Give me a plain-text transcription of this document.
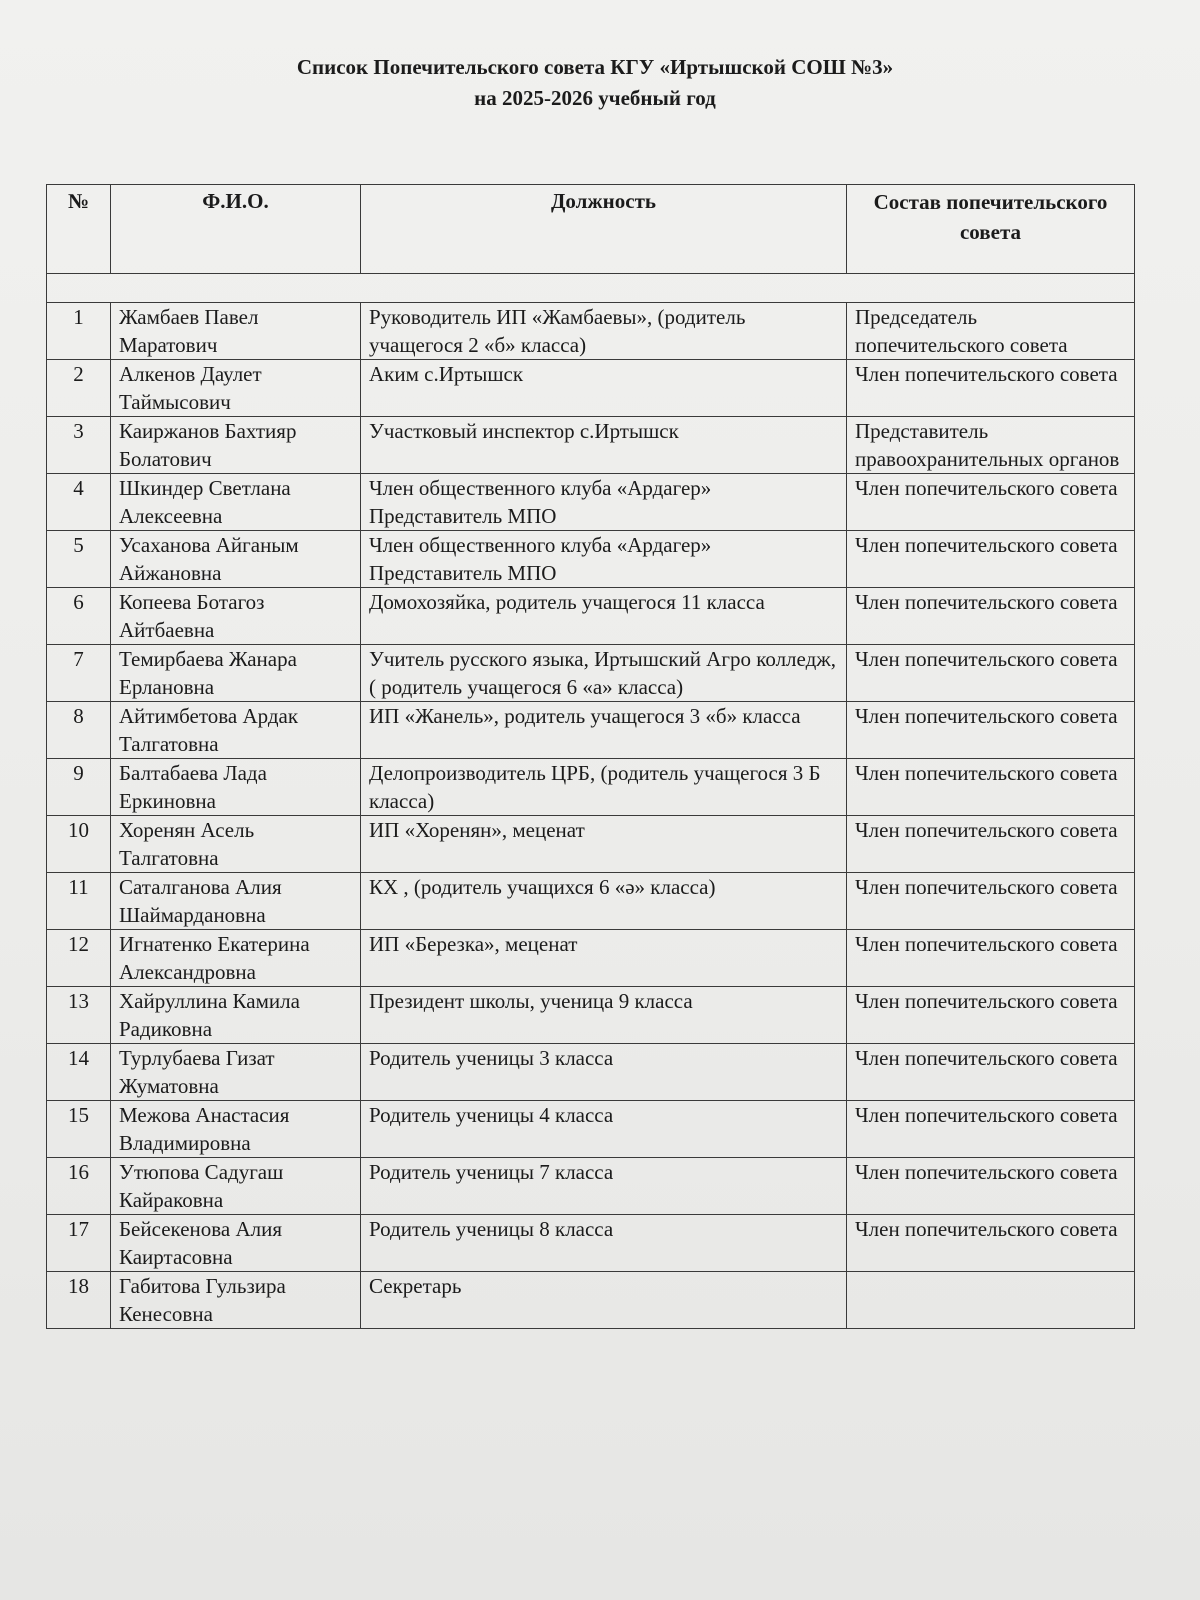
Список Попечительского совета КГУ «Иртышской СОШ №3»
на 2025-2026 учебный год
№	Ф.И.О.	Должность	Состав попечительского совета

1	Жамбаев Павел Маратович	Руководитель ИП «Жамбаевы», (родитель учащегося 2 «б» класса)	Председатель попечительского совета
2	Алкенов Даулет Таймысович	Аким с.Иртышск	Член попечительского совета
3	Каиржанов Бахтияр Болатович	Участковый инспектор с.Иртышск	Представитель правоохранительных органов
4	Шкиндер Светлана Алексеевна	Член общественного клуба «Ардагер» Представитель МПО	Член попечительского совета
5	Усаханова Айганым Айжановна	Член общественного клуба «Ардагер» Представитель МПО	Член попечительского совета
6	Копеева Ботагоз Айтбаевна	Домохозяйка, родитель учащегося 11 класса	Член попечительского совета
7	Темирбаева Жанара Ерлановна	Учитель русского языка, Иртышский Агро колледж, ( родитель учащегося 6 «а» класса)	Член попечительского совета
8	Айтимбетова Ардак Талгатовна	ИП «Жанель», родитель учащегося 3 «б» класса	Член попечительского совета
9	Балтабаева Лада Еркиновна	Делопроизводитель ЦРБ, (родитель учащегося 3 Б класса)	Член попечительского совета
10	Хоренян Асель Талгатовна	ИП «Хоренян», меценат	Член попечительского совета
11	Саталганова Алия Шаймардановна	КХ , (родитель учащихся 6 «ә» класса)	Член попечительского совета
12	Игнатенко Екатерина Александровна	ИП «Березка», меценат	Член попечительского совета
13	Хайруллина Камила Радиковна	Президент школы, ученица 9 класса	Член попечительского совета
14	Турлубаева Гизат Жуматовна	Родитель ученицы 3 класса	Член попечительского совета
15	Межова Анастасия Владимировна	Родитель ученицы 4 класса	Член попечительского совета
16	Утюпова Садугаш Кайраковна	Родитель ученицы 7 класса	Член попечительского совета
17	Бейсекенова Алия Каиртасовна	Родитель ученицы 8 класса	Член попечительского совета
18	Габитова Гульзира Кенесовна	Секретарь	
